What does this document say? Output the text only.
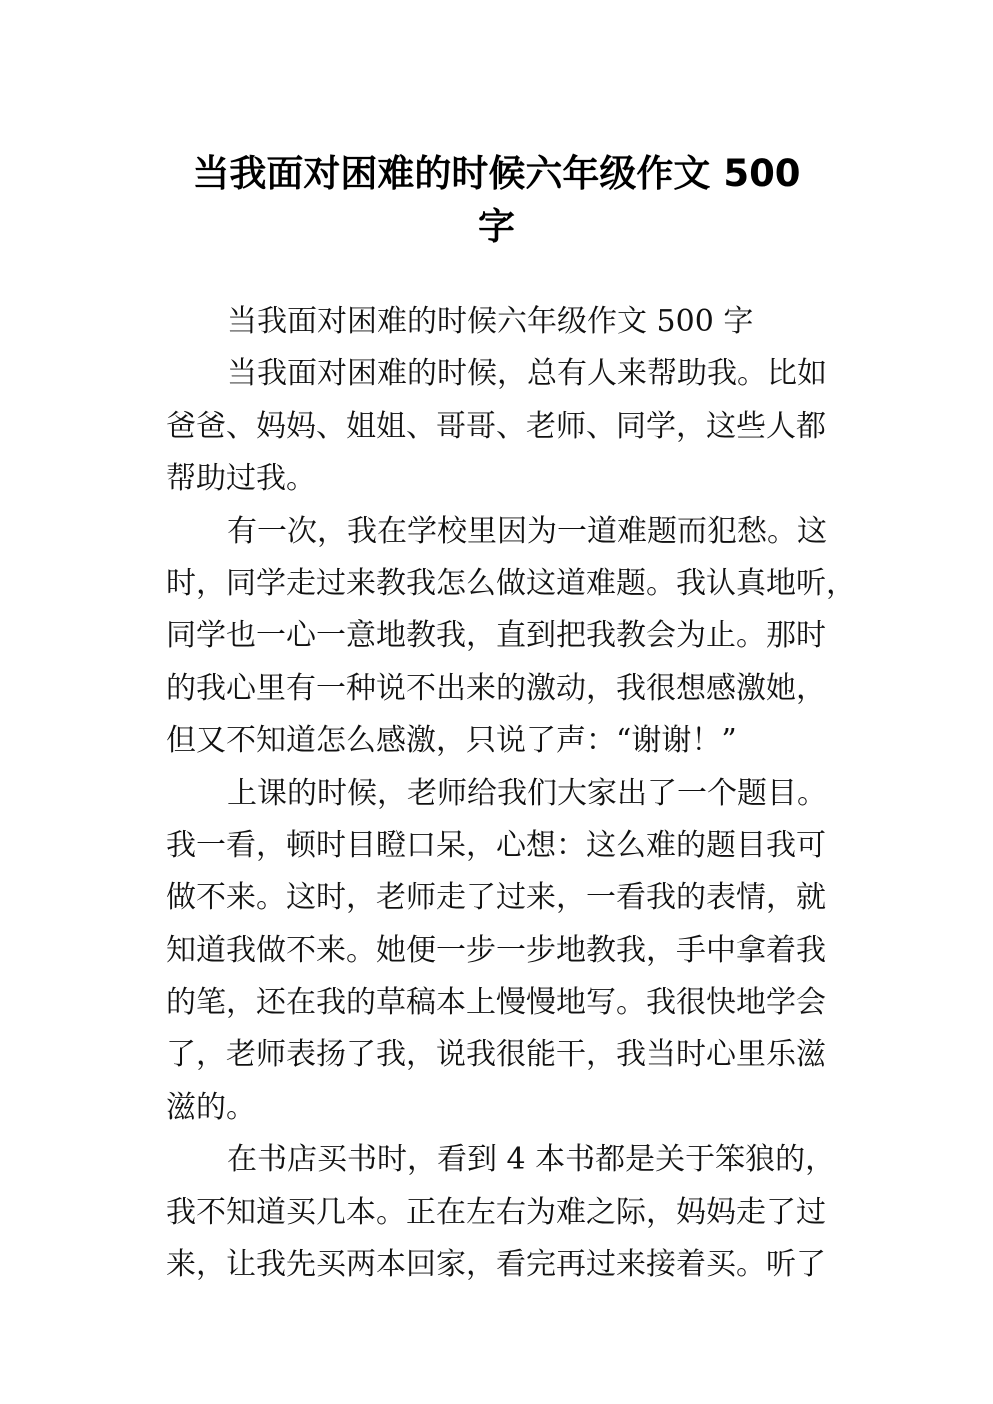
当我面对困难的时候六年级作文 500
字
当我面对困难的时候六年级作文 500 字
当我面对困难的时候，总有人来帮助我。比如
爸爸、妈妈、姐姐、哥哥、老师、同学，这些人都
帮助过我。
有一次，我在学校里因为一道难题而犯愁。这
时，同学走过来教我怎么做这道难题。我认真地听，
同学也一心一意地教我，直到把我教会为止。那时
的我心里有一种说不出来的激动，我很想感激她，
但又不知道怎么感激，只说了声：“谢谢！”
上课的时候，老师给我们大家出了一个题目。
我一看，顿时目瞪口呆，心想：这么难的题目我可
做不来。这时，老师走了过来，一看我的表情，就
知道我做不来。她便一步一步地教我，手中拿着我
的笔，还在我的草稿本上慢慢地写。我很快地学会
了，老师表扬了我，说我很能干，我当时心里乐滋
滋的。
在书店买书时，看到 4 本书都是关于笨狼的，
我不知道买几本。正在左右为难之际，妈妈走了过
来，让我先买两本回家，看完再过来接着买。听了
